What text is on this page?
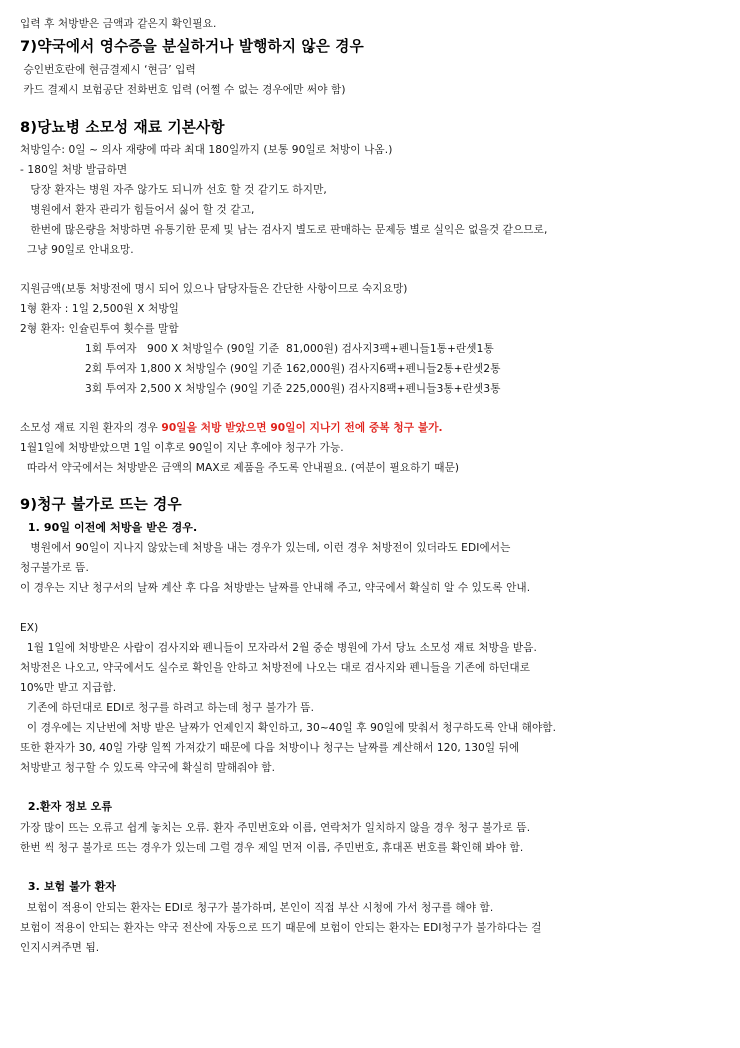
입력 후 처방받은 금액과 같은지 확인필요.
7)약국에서 영수증을 분실하거나 발행하지 않은 경우
승인번호란에 현금결제시 ‘현금’ 입력
카드 결제시 보험공단 전화번호 입력 (어쩔 수 없는 경우에만 써야 함)
8)당뇨병 소모성 재료 기본사항
처방일수: 0일 ~ 의사 재량에 따라 최대 180일까지 (보통 90일로 처방이 나옴.)
- 180일 처방 발급하면
당장 환자는 병원 자주 않가도 되니까 선호 할 것 같기도 하지만,
병원에서 환자 관리가 힘들어서 싫어 할 것 같고,
한번에 많은량을 처방하면 유통기한 문제 및 남는 검사지 별도로 판매하는 문제등 별로 실익은 없을것 같으므로,
그냥 90일로 안내요망.
지원금액(보통 처방전에 명시 되어 있으나 담당자들은 간단한 사항이므로 숙지요망)
1형 환자 : 1일 2,500원 X 처방일
2형 환자: 인슐린투여 횟수를 말함
1회 투여자   900 X 처방일수 (90일 기준  81,000원) 검사지3팩+펜니들1통+란셋1통
2회 투여자 1,800 X 처방일수 (90일 기준 162,000원) 검사지6팩+펜니들2통+란셋2통
3회 투여자 2,500 X 처방일수 (90일 기준 225,000원) 검사지8팩+펜니들3통+란셋3통
소모성 재료 지원 환자의 경우 90일을 처방 받았으면 90일이 지나기 전에 중복 청구 불가.
1월1일에 처방받았으면 1일 이후로 90일이 지난 후에야 청구가 가능.
따라서 약국에서는 처방받은 금액의 MAX로 제품을 주도록 안내필요. (여분이 필요하기 때문)
9)청구 불가로 뜨는 경우
1. 90일 이전에 처방을 받은 경우.
병원에서 90일이 지나지 않았는데 처방을 내는 경우가 있는데, 이런 경우 처방전이 있더라도 EDI에서는
청구불가로 뜸.
이 경우는 지난 청구서의 날짜 계산 후 다음 처방받는 날짜를 안내해 주고, 약국에서 확실히 알 수 있도록 안내.
EX)
1월 1일에 처방받은 사람이 검사지와 펜니들이 모자라서 2월 중순 병원에 가서 당뇨 소모성 재료 처방을 받음.
처방전은 나오고, 약국에서도 실수로 확인을 안하고 처방전에 나오는 대로 검사지와 펜니들을 기존에 하던대로
10%만 받고 지급함.
기존에 하던대로 EDI로 청구를 하려고 하는데 청구 불가가 뜸.
이 경우에는 지난번에 처방 받은 날짜가 언제인지 확인하고, 30~40일 후 90일에 맞춰서 청구하도록 안내 해야함.
또한 환자가 30, 40일 가량 일찍 가져갔기 때문에 다음 처방이나 청구는 날짜를 계산해서 120, 130일 뒤에
처방받고 청구할 수 있도록 약국에 확실히 말해줘야 함.
2.환자 정보 오류
가장 많이 뜨는 오류고 쉽게 놓치는 오류. 환자 주민번호와 이름, 연락처가 일치하지 않을 경우 청구 불가로 뜸.
한번 씩 청구 불가로 뜨는 경우가 있는데 그럴 경우 제일 먼저 이름, 주민번호, 휴대폰 번호를 확인해 봐야 함.
3. 보험 불가 환자
보험이 적용이 안되는 환자는 EDI로 청구가 불가하며, 본인이 직접 부산 시청에 가서 청구를 해야 함.
보험이 적용이 안되는 환자는 약국 전산에 자동으로 뜨기 때문에 보험이 안되는 환자는 EDI청구가 불가하다는 걸
인지시켜주면 됨.
